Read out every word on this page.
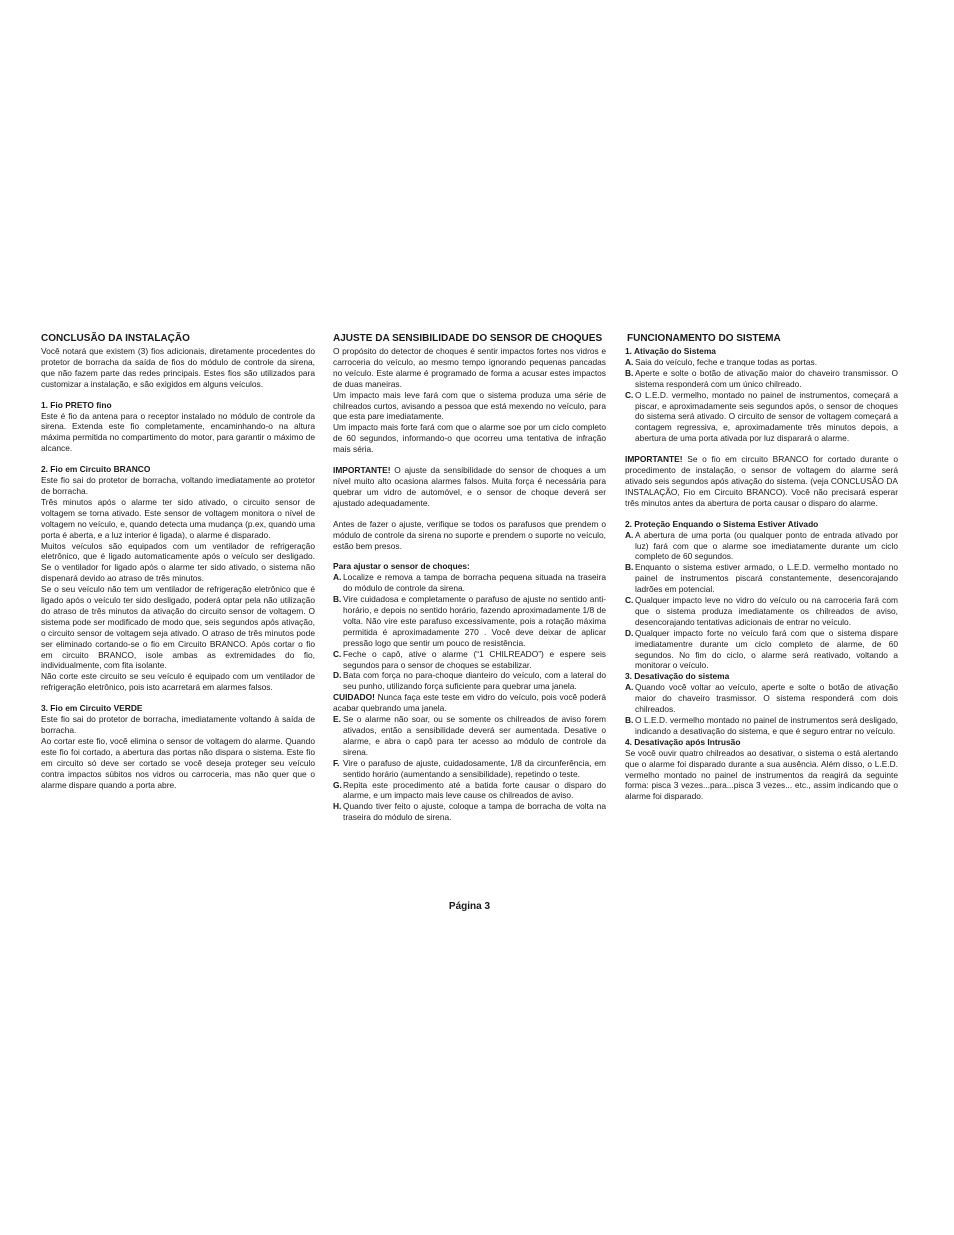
CONCLUSÃO DA INSTALAÇÃO

Você notará que existem (3) fios adicionais, diretamente procedentes do protetor de borracha da saída de fios do módulo de controle da sirena, que não fazem parte das redes principais. Estes fios são utilizados para customizar a instalação, e são exigidos em alguns veículos.

1. Fio PRETO fino

Este é fio da antena para o receptor instalado no módulo de controle da sirena. Extenda este fio completamente, encaminhando-o na altura máxima permitida no compartimento do motor, para garantir o máximo de alcance.

2. Fio em Circuito BRANCO

Este fio sai do protetor de borracha, voltando imediatamente ao protetor de borracha.

Três minutos após o alarme ter sido ativado, o circuito sensor de voltagem se torna ativado. Este sensor de voltagem monitora o nível de voltagem no veículo, e, quando detecta uma mudança (p.ex, quando uma porta é aberta, e a luz interior é ligada), o alarme é disparado.

Muitos veículos são equipados com um ventilador de refrigeração eletrônico, que é ligado automaticamente após o veículo ser desligado. Se o ventilador for ligado após o alarme ter sido ativado, o sistema não dispenará devido ao atraso de três minutos.

Se o seu veículo não tem um ventilador de refrigeração eletrônico que é ligado após o veículo ter sido desligado, poderá optar pela não utilização do atraso de três minutos da ativação do circuito sensor de voltagem. O sistema pode ser modificado de modo que, seis segundos após ativação, o circuito sensor de voltagem seja ativado. O atraso de três minutos pode ser eliminado cortando-se o fio em Circuito BRANCO. Após cortar o fio em circuito BRANCO, isole ambas as extremidades do fio, individualmente, com fita isolante.

Não corte este circuito se seu veículo é equipado com um ventilador de refrigeração eletrônico, pois isto acarretará em alarmes falsos.

3. Fio em Circuito VERDE

Este fio sai do protetor de borracha, imediatamente voltando à saída de borracha.

Ao cortar este fio, você elimina o sensor de voltagem do alarme. Quando este fio foi cortado, a abertura das portas não dispara o sistema. Este fio em circuito só deve ser cortado se você deseja proteger seu veículo contra impactos súbitos nos vidros ou carroceria, mas não quer que o alarme dispare quando a porta abre.

AJUSTE DA SENSIBILIDADE DO SENSOR DE CHOQUES

O propósito do detector de choques é sentir impactos fortes nos vidros e carroceria do veículo, ao mesmo tempo ignorando pequenas pancadas no veículo. Este alarme é programado de forma a acusar estes impactos de duas maneiras.

Um impacto mais leve fará com que o sistema produza uma série de chilreados curtos, avisando a pessoa que está mexendo no veículo, para que esta pare imediatamente.

Um impacto mais forte fará com que o alarme soe por um ciclo completo de 60 segundos, informando-o que ocorreu uma tentativa de infração mais séria.

IMPORTANTE! O ajuste da sensibilidade do sensor de choques a um nível muito alto ocasiona alarmes falsos. Muita força é necessária para quebrar um vidro de automóvel, e o sensor de choque deverá ser ajustado adequadamente.

Antes de fazer o ajuste, verifique se todos os parafusos que prendem o módulo de controle da sirena no suporte e prendem o suporte no veículo, estão bem presos.

Para ajustar o sensor de choques:
A. Localize e remova a tampa de borracha pequena situada na traseira do módulo de controle da sirena.
B. Vire cuidadosa e completamente o parafuso de ajuste no sentido anti-horário, e depois no sentido horário, fazendo aproximadamente 1/8 de volta. Não vire este parafuso excessivamente, pois a rotação máxima permitida é aproximadamente 270 . Você deve deixar de aplicar pressão logo que sentir um pouco de resistência.
C. Feche o capô, ative o alarme (“1 CHILREADO”) e espere seis segundos para o sensor de choques se estabilizar.
D. Bata com força no para-choque dianteiro do veículo, com a lateral do seu punho, utilizando força suficiente para quebrar uma janela.

CUIDADO! Nunca faça este teste em vidro do veículo, pois você poderá acabar quebrando uma janela.

E. Se o alarme não soar, ou se somente os chilreados de aviso forem ativados, então a sensibilidade deverá ser aumentada. Desative o alarme, e abra o capô para ter acesso ao módulo de controle da sirena.
F. Vire o parafuso de ajuste, cuidadosamente, 1/8 da circunferência, em sentido horário (aumentando a sensibilidade), repetindo o teste.
G. Repita este procedimento até a batida forte causar o disparo do alarme, e um impacto mais leve cause os chilreados de aviso.
H. Quando tiver feito o ajuste, coloque a tampa de borracha de volta na traseira do módulo de sirena.
Página 3
FUNCIONAMENTO DO SISTEMA
1. Ativação do Sistema
A. Saia do veículo, feche e tranque todas as portas.
B. Aperte e solte o botão de ativação maior do chaveiro transmissor. O sistema responderá com um único chilreado.
C. O L.E.D. vermelho, montado no painel de instrumentos, começará a piscar, e aproximadamente seis segundos após, o sensor de choques do sistema será ativado. O circuito de sensor de voltagem começará a contagem regressiva, e, aproximadamente três minutos depois, a abertura de uma porta ativada por luz disparará o alarme.

IMPORTANTE! Se o fio em circuito BRANCO for cortado durante o procedimento de instalação, o sensor de voltagem do alarme será ativado seis segundos após ativação do sistema. (veja CONCLUSÃO DA INSTALAÇÃO, Fio em Circuito BRANCO). Você não precisará esperar três minutos antes da abertura de porta causar o disparo do alarme.

2. Proteção Enquando o Sistema Estiver Ativado
A. A abertura de uma porta (ou qualquer ponto de entrada ativado por luz) fará com que o alarme soe imediatamente durante um ciclo completo de 60 segundos.
B. Enquanto o sistema estiver armado, o L.E.D. vermelho montado no painel de instrumentos piscará constantemente, desencorajando ladrões em potencial.
C. Qualquer impacto leve no vidro do veículo ou na carroceria fará com que o sistema produza imediatamente os chilreados de aviso, desencorajando tentativas adicionais de entrar no veículo.
D. Qualquer impacto forte no veículo fará com que o sistema dispare imediatamentre durante um ciclo completo de alarme, de 60 segundos. No fim do ciclo, o alarme será reativado, voltando a monitorar o veículo.
3. Desativação do sistema
A. Quando você voltar ao veículo, aperte e solte o botão de ativação maior do chaveiro trasmissor. O sistema responderá com dois chilreados.
B. O L.E.D. vermelho montado no painel de instrumentos será desligado, indicando a desativação do sistema, e que é seguro entrar no veículo.
4. Desativação após Intrusão

Se você ouvir quatro chilreados ao desativar, o sistema o está alertando que o alarme foi disparado durante a sua ausência. Além disso, o L.E.D. vermelho montado no painel de instrumentos da reagirá da seguinte forma: pisca 3 vezes...para...pisca 3 vezes... etc., assim indicando que o alarme foi disparado.
